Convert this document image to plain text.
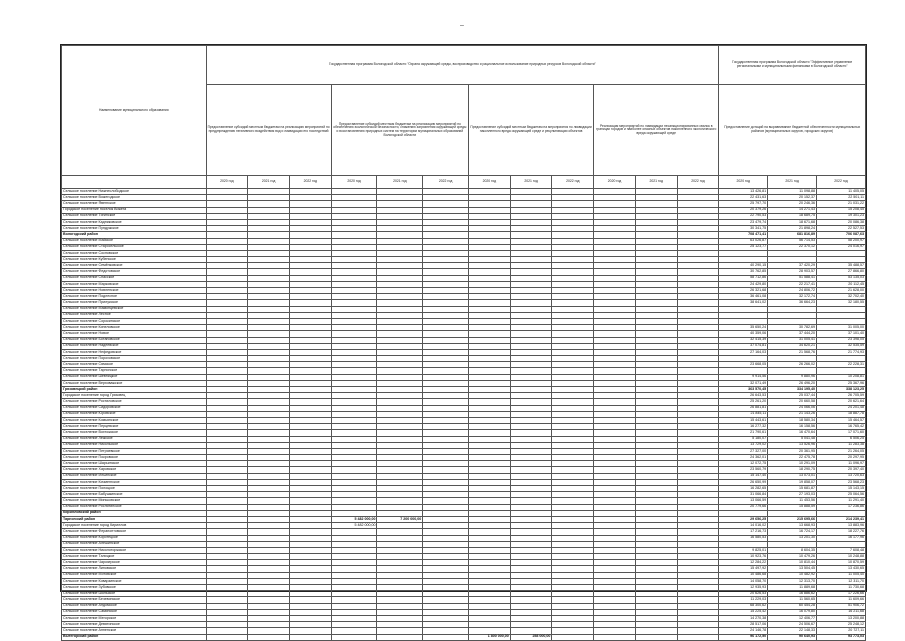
–
Наименование муниципального образования	Государственная программа Вологодской области "Охрана окружающей среды, воспроизводство и рациональное использование природных ресурсов Вологодской области"												Государственная программа Вологодской области "Эффективное управление региональными и муниципальными финансами в Вологодской области"		
	Предоставление субсидий местным бюджетам на реализацию мероприятий по предупреждению негативного воздействия вод и ликвидации его последствий			Предоставление субсидий местным бюджетам на реализацию мероприятий по обеспечению экологической безопасности, снижению загрязнения окружающей среды и восстановлению природных систем на территории муниципальных образований Вологодской области			Предоставление субсидий местным бюджетам на мероприятия по ликвидации накопленного вреда окружающей среде и рекультивации объектов			Реализация мероприятий по ликвидации несанкционированных свалок в границах городов и наиболее опасных объектов накопленного экологического вреда окружающей среде			Предоставление дотаций на выравнивание бюджетной обеспеченности муниципальных районов (муниципальных округов, городских округов)		
	2020 год	2021 год	2022 год	2020 год	2021 год	2022 год	2020 год	2021 год	2022 год	2020 год	2021 год	2022 год	2020 год	2021 год	2022 год
Сельское поселение Нижнеслободское													13 426,81	11 098,88	11 405,05
Сельское поселение Вожегодское													22 431,63	20 152,37	22 501,11
Сельское поселение Явенгское													25 797,70	20 246,36	21 031,22
Городское поселение поселок Вожега													20 379,26	14 271,43	15 208,45
Сельское поселение Тигинское													22 790,53	18 689,75	19 301,23
Сельское поселение Кадниковское													23 479,74	18 671,68	20 086,38
Сельское поселение Пундужское													30 341,75	21 898,24	22 527,53
Вологодский район													708 471,41	681 816,89	706 087,63
Сельское поселение Майское													63 026,87	56 714,53	58 200,97
Сельское поселение Старосельское													25 123,77	22 370,12	24 016,97
Сельское поселение Сосновское															
Сельское поселение Кубенское															
Сельское поселение Семёнковское													40 290,15	37 420,29	35 488,57
Сельское поселение Федотовское													30 762,85	28 903,57	27 866,80
Сельское поселение Спасское													58 712,86	51 588,41	53 135,03
Сельское поселение Марковское													24 429,80	22 217,41	20 112,45
Сельское поселение Новленское													26 321,68	24 806,72	21 628,00
Сельское поселение Подлесное													36 461,08	32 172,74	32 702,40
Сельское поселение Прилукское													38 641,02	36 664,23	32 180,55
Сельское поселение Мамонцевское															
Сельское поселение Лесное															
Сельское поселение Сорокинское															
Сельское поселение Кипеловское													35 650,24	30 782,69	31 005,00
Сельское поселение Новое													40 359,06	37 444,20	37 101,40
Сельское поселение Ботановское													32 415,39	31 005,41	23 398,05
Сельское поселение Надеевское													37 074,81	34 620,21	32 535,59
Сельское поселение Нефедовское													27 164,03	21 568,76	21 774,93
Сельское поселение Пороховское															
Сельское поселение Сямское													23 668,05	26 266,02	22 228,31
Сельское поселение Тарногское															
Сельское поселение Шевницкое													9 914,56	9 880,96	10 208,81
Сельское поселение Верховажское													32 071,49	26 496,20	25 367,96
Грязовецкий район													363 570,45	334 195,40	338 123,25
Городское поселение город Грязовец													26 643,53	25 037,44	26 705,59
Сельское поселение Ростиловское													25 261,20	20 660,58	20 621,64
Сельское поселение Сидоровское													26 881,81	24 066,06	24 201,48
Сельское поселение Юровское													21 845,11	21 143,26	18 887,78
Сельское поселение Комьянское													15 443,61	18 580,34	15 464,57
Сельское поселение Перцевское													16 277,32	16 158,56	16 765,42
Сельское поселение Вохтожское													21 790,61	16 470,64	17 071,60
Сельское поселение Лежское													5 180,07	5 041,48	6 506,25
Сельское поселение Никольское													13 729,02	13 526,96	11 283,38
Сельское поселение Петряевское													27 327,00	20 361,95	21 264,05
Сельское поселение Покровское													24 362,01	22 475,78	20 297,95
Сельское поселение Шарьинское													12 072,75	10 291,09	11 096,97
Сельское поселение Харовское													23 560,79	18 290,75	20 397,40
Сельское поселение Ильинское													15 147,40	13 073,01	13 720,63
Сельское поселение Кичменгское													26 650,99	19 858,07	23 568,23
Сельское поселение Полоцкое													16 282,65	15 681,87	15 143,15
Сельское поселение Бабушкинское													31 066,84	27 193,03	25 064,56
Сельское поселение Миньковское													13 066,59	11 453,56	11 291,40
Сельское поселение Рослятинское													20 779,66	15 888,59	17 236,86
Кирилловский район															
Тарногский район				5 482 000,00	7 200 000,00								29 656,25	215 695,66	214 239,41
Городское поселение город Кириллов				5 482 000,00									14 016,02	13 668,93	13 883,96
Сельское поселение Ферапонтовское													17 216,73	16 724,17	18 227,76
Сельское поселение Коротецкое													16 580,53	13 201,30	16 177,96
Сельское поселение Алешинское															
Сельское поселение Николоторжское													9 825,01	8 604,35	7 608,48
Сельское поселение Талицкое													10 923,76	10 479,26	10 248,88
Сельское поселение Чарозерское													12 284,22	10 810,44	10 870,59
Сельское поселение Липовское													15 497,92	13 504,45	13 430,65
Сельское поселение Мотовское													10 486,68	10 482,92	11 005,40
Сельское поселение Коварзинское													14 058,70	12 313,70	12 311,70
Сельское поселение Зубовское													12 935,93	11 889,68	11 730,68
Сельское поселение Шольское													20 626,53	16 886,62	17 226,66
Сельское поселение Бечевинское													11 229,03	11 560,65	11 609,66
Сельское поселение Андомское													68 300,62	60 454,28	51 906,72
Сельское поселение Саминское													15 225,42	16 079,80	16 211,68
Сельское поселение Мегорское													14 270,38	12 406,77	13 200,88
Сельское поселение Девятинское													28 517,06	24 506,67	25 248,12
Сельское поселение Анненское													24 146,78	22 148,33	20 727,11
Вытегорский район							1 800 000,00	258 000,00					96 172,50	90 640,93	93 773,03
